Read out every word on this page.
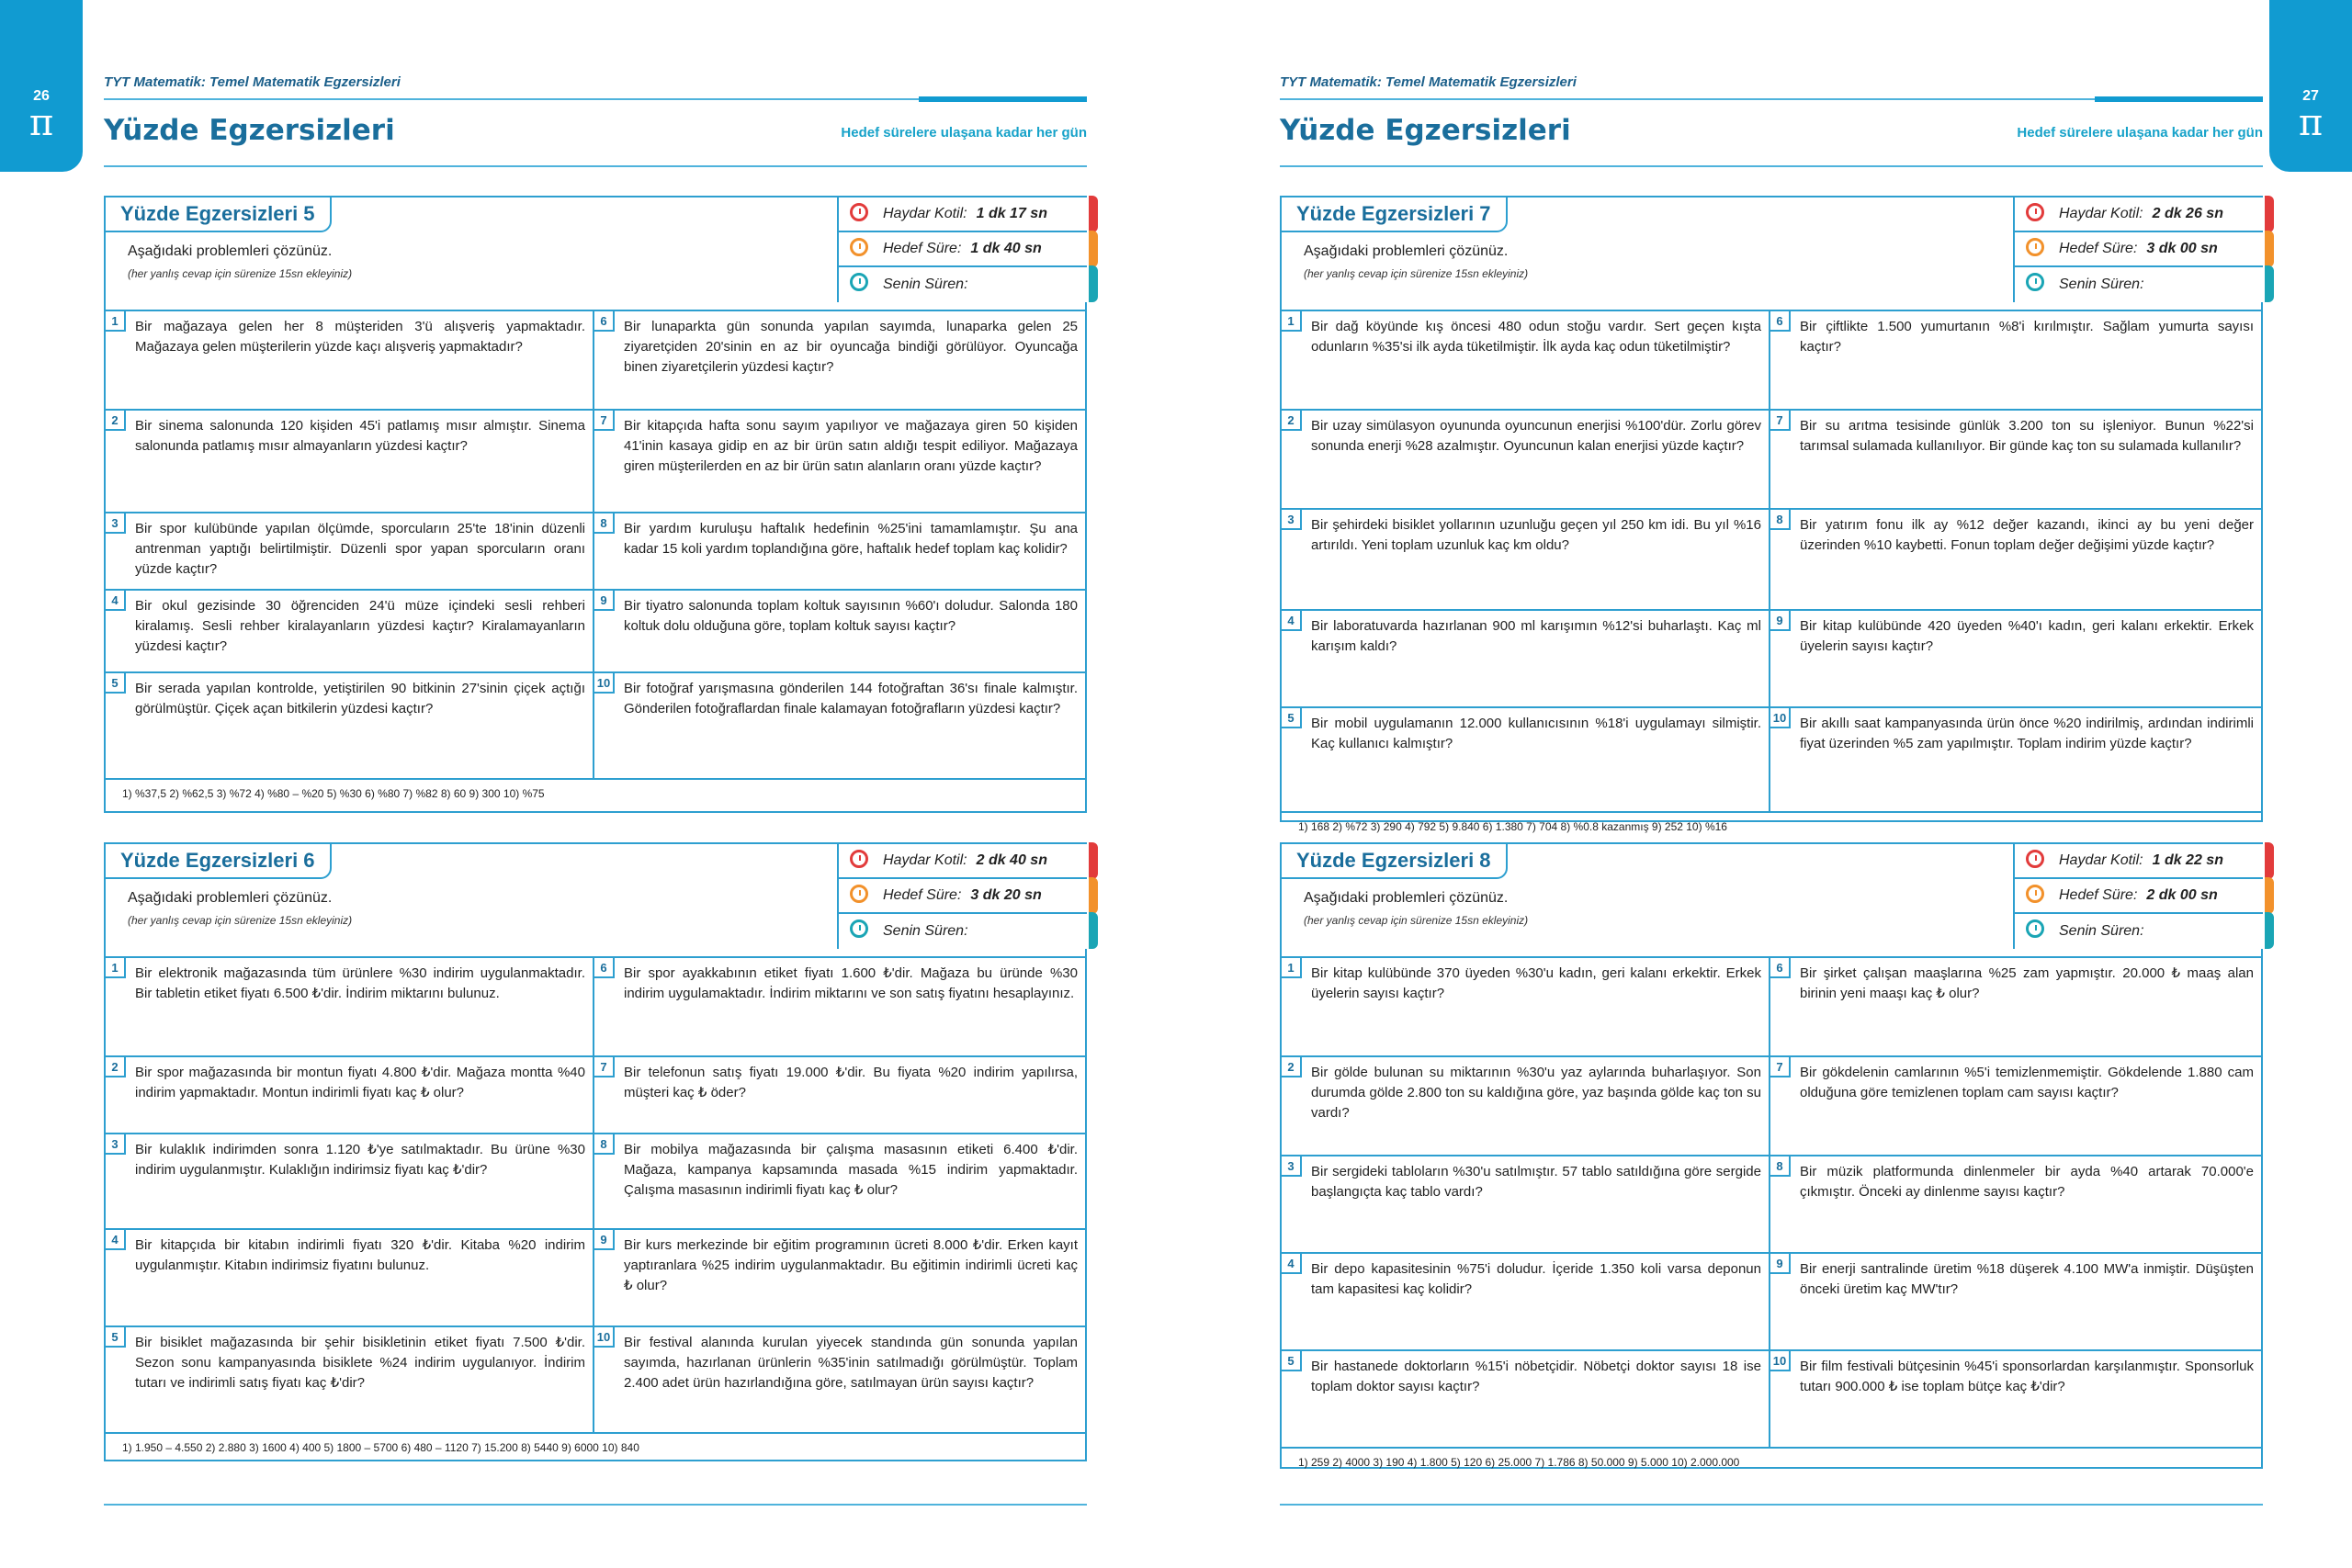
26
π
TYT Matematik: Temel Matematik Egzersizleri
Yüzde Egzersizleri	Hedef sürelere ulaşana kadar her gün
Yüzde Egzersizleri 5
Aşağıdaki problemleri çözünüz.
(her yanlış cevap için sürenize 15sn ekleyiniz)
Haydar Kotil: 1 dk 17 sn
Hedef Süre: 1 dk 40 sn
Senin Süren:
1	Bir mağazaya gelen her 8 müşteriden 3'ü alışveriş yapmaktadır. Mağazaya gelen müşterilerin yüzde kaçı alışveriş yapmaktadır?
6	Bir lunaparkta gün sonunda yapılan sayımda, lunaparka gelen 25 ziyaretçiden 20'sinin en az bir oyuncağa bindiği görülüyor. Oyuncağa binen ziyaretçilerin yüzdesi kaçtır?
2	Bir sinema salonunda 120 kişiden 45'i patlamış mısır almıştır. Sinema salonunda patlamış mısır almayanların yüzdesi kaçtır?
7	Bir kitapçıda hafta sonu sayım yapılıyor ve mağazaya giren 50 kişiden 41'inin kasaya gidip en az bir ürün satın aldığı tespit ediliyor. Mağazaya giren müşterilerden en az bir ürün satın alanların oranı yüzde kaçtır?
3	Bir spor kulübünde yapılan ölçümde, sporcuların 25'te 18'inin düzenli antrenman yaptığı belirtilmiştir. Düzenli spor yapan sporcuların oranı yüzde kaçtır?
8	Bir yardım kuruluşu haftalık hedefinin %25'ini tamamlamıştır. Şu ana kadar 15 koli yardım toplandığına göre, haftalık hedef toplam kaç kolidir?
4	Bir okul gezisinde 30 öğrenciden 24'ü müze içindeki sesli rehberi kiralamış. Sesli rehber kiralayanların yüzdesi kaçtır? Kiralamayanların yüzdesi kaçtır?
9	Bir tiyatro salonunda toplam koltuk sayısının %60'ı doludur. Salonda 180 koltuk dolu olduğuna göre, toplam koltuk sayısı kaçtır?
5	Bir serada yapılan kontrolde, yetiştirilen 90 bitkinin 27'sinin çiçek açtığı görülmüştür. Çiçek açan bitkilerin yüzdesi kaçtır?
10 Bir fotoğraf yarışmasına gönderilen 144 fotoğraftan 36'sı finale kalmıştır. Gönderilen fotoğraflardan finale kalamayan fotoğrafların yüzdesi kaçtır?
1) %37,5 2) %62,5 3) %72 4) %80 – %20 5) %30 6) %80 7) %82 8) 60 9) 300 10) %75
Yüzde Egzersizleri 6
Aşağıdaki problemleri çözünüz.
(her yanlış cevap için sürenize 15sn ekleyiniz)
Haydar Kotil: 2 dk 40 sn
Hedef Süre: 3 dk 20 sn
Senin Süren:
1	Bir elektronik mağazasında tüm ürünlere %30 indirim uygulanmaktadır. Bir tabletin etiket fiyatı 6.500 ₺'dir. İndirim miktarını bulunuz.
6	Bir spor ayakkabının etiket fiyatı 1.600 ₺'dir. Mağaza bu üründe %30 indirim uygulamaktadır. İndirim miktarını ve son satış fiyatını hesaplayınız.
2	Bir spor mağazasında bir montun fiyatı 4.800 ₺'dir. Mağaza montta %40 indirim yapmaktadır. Montun indirimli fiyatı kaç ₺ olur?
7	Bir telefonun satış fiyatı 19.000 ₺'dir. Bu fiyata %20 indirim yapılırsa, müşteri kaç ₺ öder?
3	Bir kulaklık indirimden sonra 1.120 ₺'ye satılmaktadır. Bu ürüne %30 indirim uygulanmıştır. Kulaklığın indirimsiz fiyatı kaç ₺'dir?
8	Bir mobilya mağazasında bir çalışma masasının etiketi 6.400 ₺'dir. Mağaza, kampanya kapsamında masada %15 indirim yapmaktadır. Çalışma masasının indirimli fiyatı kaç ₺ olur?
4	Bir kitapçıda bir kitabın indirimli fiyatı 320 ₺'dir. Kitaba %20 indirim uygulanmıştır. Kitabın indirimsiz fiyatını bulunuz.
9	Bir kurs merkezinde bir eğitim programının ücreti 8.000 ₺'dir. Erken kayıt yaptıranlara %25 indirim uygulanmaktadır. Bu eğitimin indirimli ücreti kaç ₺ olur?
5	Bir bisiklet mağazasında bir şehir bisikletinin etiket fiyatı 7.500 ₺'dir. Sezon sonu kampanyasında bisiklete %24 indirim uygulanıyor. İndirim tutarı ve indirimli satış fiyatı kaç ₺'dir?
10 Bir festival alanında kurulan yiyecek standında gün sonunda yapılan sayımda, hazırlanan ürünlerin %35'inin satılmadığı görülmüştür. Toplam 2.400 adet ürün hazırlandığına göre, satılmayan ürün sayısı kaçtır?
1) 1.950 – 4.550 2) 2.880 3) 1600 4) 400 5) 1800 – 5700 6) 480 – 1120 7) 15.200 8) 5440 9) 6000 10) 840
27
π
TYT Matematik: Temel Matematik Egzersizleri
Yüzde Egzersizleri	Hedef sürelere ulaşana kadar her gün
Yüzde Egzersizleri 7
Aşağıdaki problemleri çözünüz.
(her yanlış cevap için sürenize 15sn ekleyiniz)
Haydar Kotil: 2 dk 26 sn
Hedef Süre: 3 dk 00 sn
Senin Süren:
1	Bir dağ köyünde kış öncesi 480 odun stoğu vardır. Sert geçen kışta odunların %35'si ilk ayda tüketilmiştir. İlk ayda kaç odun tüketilmiştir?
6	Bir çiftlikte 1.500 yumurtanın %8'i kırılmıştır. Sağlam yumurta sayısı kaçtır?
2	Bir uzay simülasyon oyununda oyuncunun enerjisi %100'dür. Zorlu görev sonunda enerji %28 azalmıştır. Oyuncunun kalan enerjisi yüzde kaçtır?
7	Bir su arıtma tesisinde günlük 3.200 ton su işleniyor. Bunun %22'si tarımsal sulamada kullanılıyor. Bir günde kaç ton su sulamada kullanılır?
3	Bir şehirdeki bisiklet yollarının uzunluğu geçen yıl 250 km idi. Bu yıl %16 artırıldı. Yeni toplam uzunluk kaç km oldu?
8	Bir yatırım fonu ilk ay %12 değer kazandı, ikinci ay bu yeni değer üzerinden %10 kaybetti. Fonun toplam değer değişimi yüzde kaçtır?
4	Bir laboratuvarda hazırlanan 900 ml karışımın %12'si buharlaştı. Kaç ml karışım kaldı?
9	Bir kitap kulübünde 420 üyeden %40'ı kadın, geri kalanı erkektir. Erkek üyelerin sayısı kaçtır?
5	Bir mobil uygulamanın 12.000 kullanıcısının %18'i uygulamayı silmiştir. Kaç kullanıcı kalmıştır?
10 Bir akıllı saat kampanyasında ürün önce %20 indirilmiş, ardından indirimli fiyat üzerinden %5 zam yapılmıştır. Toplam indirim yüzde kaçtır?
1) 168 2) %72 3) 290 4) 792 5) 9.840 6) 1.380 7) 704 8) %0.8 kazanmış 9) 252 10) %16
Yüzde Egzersizleri 8
Aşağıdaki problemleri çözünüz.
(her yanlış cevap için sürenize 15sn ekleyiniz)
Haydar Kotil: 1 dk 22 sn
Hedef Süre: 2 dk 00 sn
Senin Süren:
1	Bir kitap kulübünde 370 üyeden %30'u kadın, geri kalanı erkektir. Erkek üyelerin sayısı kaçtır?
6	Bir şirket çalışan maaşlarına %25 zam yapmıştır. 20.000 ₺ maaş alan birinin yeni maaşı kaç ₺ olur?
2	Bir gölde bulunan su miktarının %30'u yaz aylarında buharlaşıyor. Son durumda gölde 2.800 ton su kaldığına göre, yaz başında gölde kaç ton su vardı?
7	Bir gökdelenin camlarının %5'i temizlenmemiştir. Gökdelende 1.880 cam olduğuna göre temizlenen toplam cam sayısı kaçtır?
3	Bir sergideki tabloların %30'u satılmıştır. 57 tablo satıldığına göre sergide başlangıçta kaç tablo vardı?
8	Bir müzik platformunda dinlenmeler bir ayda %40 artarak 70.000'e çıkmıştır. Önceki ay dinlenme sayısı kaçtır?
4	Bir depo kapasitesinin %75'i doludur. İçeride 1.350 koli varsa deponun tam kapasitesi kaç kolidir?
9	Bir enerji santralinde üretim %18 düşerek 4.100 MW'a inmiştir. Düşüşten önceki üretim kaç MW'tır?
5	Bir hastanede doktorların %15'i nöbetçidir. Nöbetçi doktor sayısı 18 ise toplam doktor sayısı kaçtır?
10 Bir film festivali bütçesinin %45'i sponsorlardan karşılanmıştır. Sponsorluk tutarı 900.000 ₺ ise toplam bütçe kaç ₺'dir?
1) 259 2) 4000 3) 190 4) 1.800 5) 120 6) 25.000 7) 1.786 8) 50.000 9) 5.000 10) 2.000.000
